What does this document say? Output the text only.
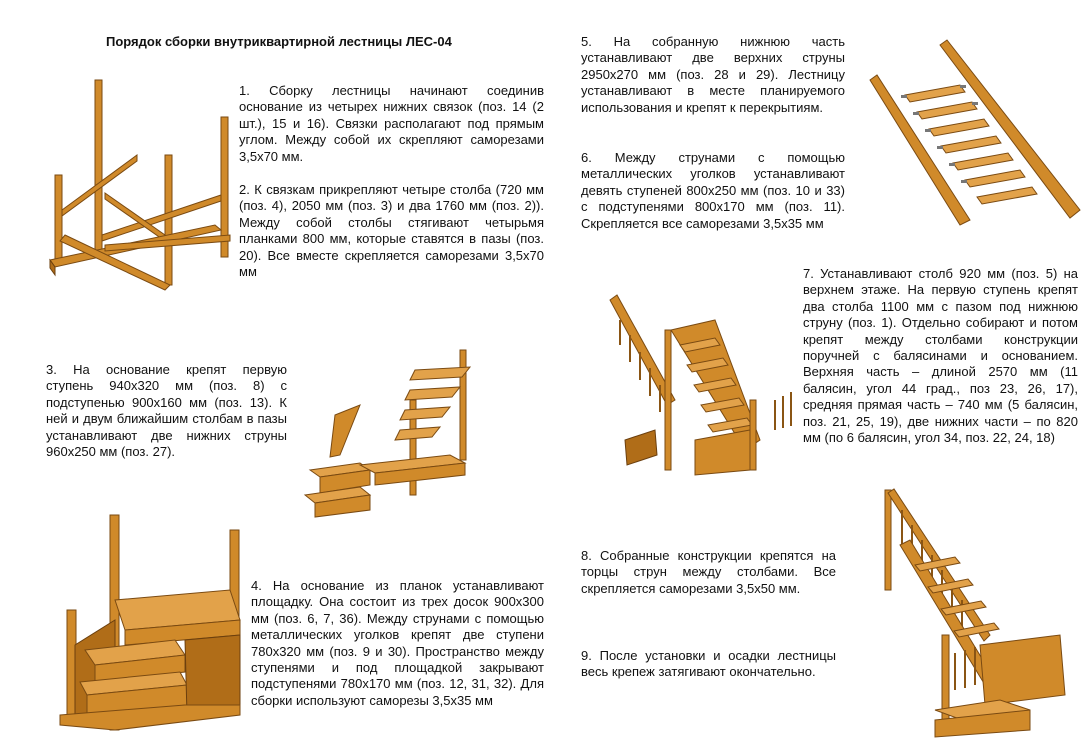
Порядок сборки внутриквартирной лестницы ЛЕС-04
1. Сборку лестницы начинают соединив основание из четырех нижних связок (поз. 14 (2 шт.), 15 и 16). Связки располагают под прямым углом. Между собой их скрепляют саморезами 3,5х70 мм.
2. К связкам прикрепляют четыре столба (720 мм (поз. 4), 2050 мм (поз. 3) и два 1760 мм (поз. 2)). Между собой столбы стягивают четырьмя планками 800 мм, которые ставятся в пазы (поз. 20). Все вместе скрепляется саморезами 3,5х70 мм
3. На основание крепят первую ступень 940х320 мм (поз. 8) с подступенью 900х160 мм (поз. 13). К ней и двум ближайшим столбам в пазы устанавливают две нижних струны 960х250 мм (поз. 27).
4. На основание из планок устанавливают площадку. Она состоит из трех досок 900х300 мм (поз. 6, 7, 36). Между струнами с помощью металлических уголков крепят две ступени 780х320 мм (поз. 9 и 30). Пространство между ступенями и под площадкой закрывают подступенями 780х170 мм (поз. 12, 31, 32). Для сборки используют саморезы 3,5х35 мм
5. На собранную нижнюю часть устанавливают две верхних струны 2950х270 мм (поз. 28 и 29). Лестницу устанавливают в месте планируемого использования и крепят к перекрытиям.
6. Между струнами с помощью металлических уголков устанавливают девять ступеней 800х250 мм (поз. 10 и 33) с подступенями 800х170 мм (поз. 11). Скрепляется все саморезами 3,5х35 мм
7. Устанавливают столб 920 мм (поз. 5) на верхнем этаже. На первую ступень крепят два столба 1100 мм с пазом под нижнюю струну (поз. 1). Отдельно собирают и потом крепят между столбами конструкции поручней с балясинами и основанием. Верхняя часть – длиной 2570 мм (11 балясин, угол 44 град., поз 23, 26, 17), средняя прямая часть – 740 мм (5 балясин, поз. 21, 25, 19), две нижних части – по 820 мм (по 6 балясин, угол 34, поз. 22, 24, 18)
8. Собранные конструкции крепятся на торцы струн между столбами. Все скрепляется саморезами 3,5х50 мм.
9. После установки и осадки лестницы весь крепеж затягивают окончательно.
